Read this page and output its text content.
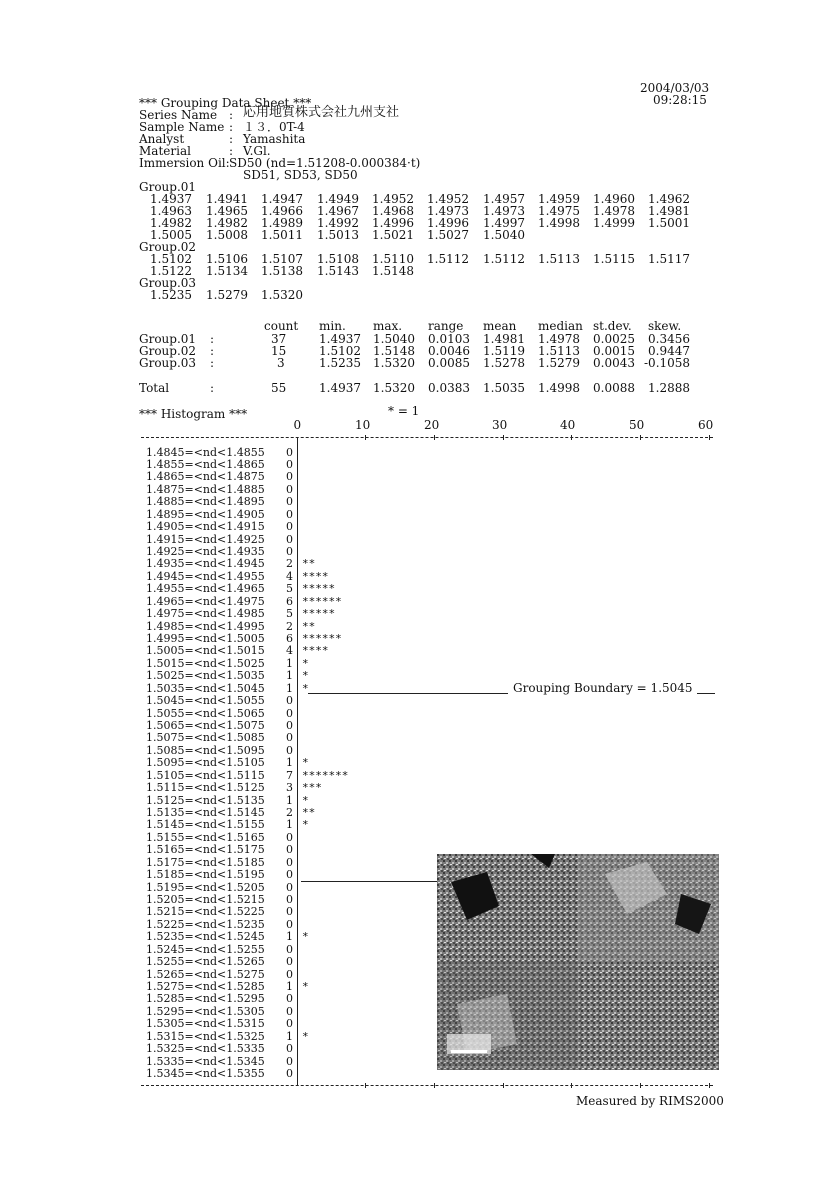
2004/03/03
09:28:15
*** Grouping Data Sheet ***
Series Name : 応用地質株式会社九州支社
Sample Name : １３．0T-4
Analyst	: Yamashita
Material	: V.Gl.
Immersion Oil: SD50 (nd=1.51208-0.000384·t)
SD51, SD53, SD50
Group.01
1.4937 1.4941 1.4947 1.4949 1.4952 1.4952 1.4957 1.4959 1.4960 1.4962
1.4963 1.4965 1.4966 1.4967 1.4968 1.4973 1.4973 1.4975 1.4978 1.4981
1.4982 1.4982 1.4989 1.4992 1.4996 1.4996 1.4997 1.4998 1.4999 1.5001
1.5005 1.5008 1.5011 1.5013 1.5021 1.5027 1.5040
Group.02
1.5102 1.5106 1.5107 1.5108 1.5110 1.5112 1.5112 1.5113 1.5115 1.5117
1.5122 1.5134 1.5138 1.5143 1.5148
Group.03
1.5235 1.5279 1.5320
count min. max. range mean median st.dev. skew.
Group.01 :	37	1.4937 1.5040 0.0103 1.4981 1.4978 0.0025 0.3456
Group.02 :	15	1.5102 1.5148 0.0046 1.5119 1.5113 0.0015 0.9447
Group.03 :	3	1.5235 1.5320 0.0085 1.5278 1.5279 0.0043 -0.1058
Total	:	55	1.4937 1.5320 0.0383 1.5035 1.4998 0.0088 1.2888
*** Histogram ***	* = 1
0	10	20	30	40	50	60
1.4845=<nd<1.4855	0
1.4855=<nd<1.4865	0
1.4865=<nd<1.4875	0
1.4875=<nd<1.4885	0
1.4885=<nd<1.4895	0
1.4895=<nd<1.4905	0
1.4905=<nd<1.4915	0
1.4915=<nd<1.4925	0
1.4925=<nd<1.4935	0
1.4935=<nd<1.4945	2 **
1.4945=<nd<1.4955	4 ****
1.4955=<nd<1.4965	5 *****
1.4965=<nd<1.4975	6 ******
1.4975=<nd<1.4985	5 *****
1.4985=<nd<1.4995	2 **
1.4995=<nd<1.5005	6 ******
1.5005=<nd<1.5015	4 ****
1.5015=<nd<1.5025	1 *
1.5025=<nd<1.5035	1 *
1.5035=<nd<1.5045	1 *
1.5045=<nd<1.5055	0
1.5055=<nd<1.5065	0
1.5065=<nd<1.5075	0
1.5075=<nd<1.5085	0
1.5085=<nd<1.5095	0
1.5095=<nd<1.5105	1 *
1.5105=<nd<1.5115	7 *******
1.5115=<nd<1.5125	3 ***
1.5125=<nd<1.5135	1 *
1.5135=<nd<1.5145	2 **
1.5145=<nd<1.5155	1 *
1.5155=<nd<1.5165	0
1.5165=<nd<1.5175	0
1.5175=<nd<1.5185	0
1.5185=<nd<1.5195	0
1.5195=<nd<1.5205	0
1.5205=<nd<1.5215	0
1.5215=<nd<1.5225	0
1.5225=<nd<1.5235	0
1.5235=<nd<1.5245	1 *
1.5245=<nd<1.5255	0
1.5255=<nd<1.5265	0
1.5265=<nd<1.5275	0
1.5275=<nd<1.5285	1 *
1.5285=<nd<1.5295	0
1.5295=<nd<1.5305	0
1.5305=<nd<1.5315	0
1.5315=<nd<1.5325	1 *
1.5325=<nd<1.5335	0
1.5335=<nd<1.5345	0
1.5345=<nd<1.5355	0
Grouping Boundary = 1.5045
Measured by RIMS2000
